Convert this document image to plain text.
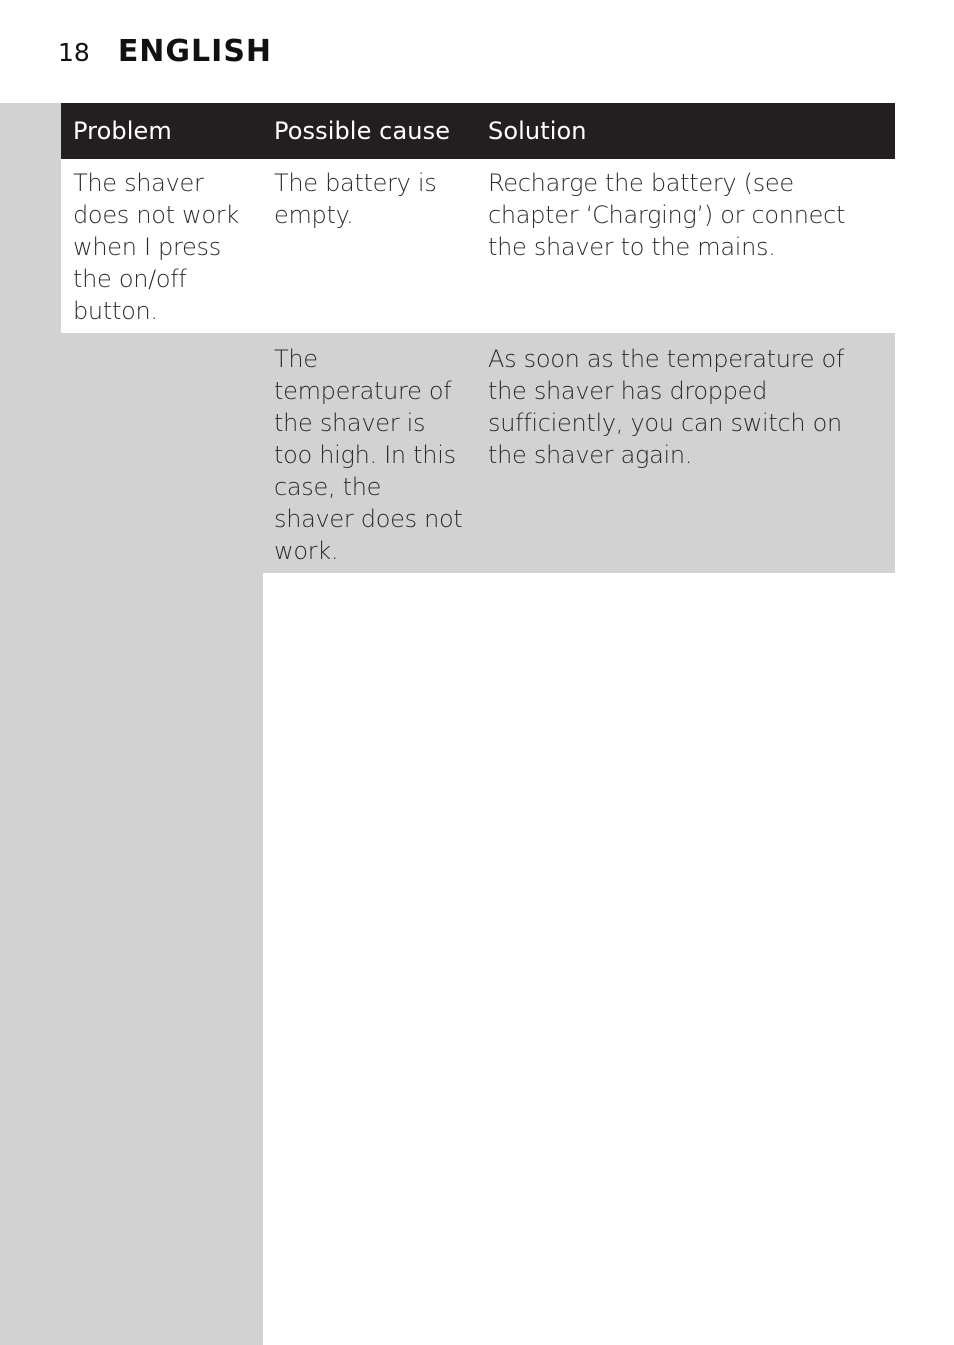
18 ENGLISH
Problem	Possible cause	Solution
The shaver does not work when I press the on/off button.	The battery is empty.	Recharge the battery (see chapter ‘Charging’) or connect the shaver to the mains.
	The temperature of the shaver is too high. In this case, the shaver does not work.	As soon as the temperature of the shaver has dropped sufficiently, you can switch on the shaver again.
